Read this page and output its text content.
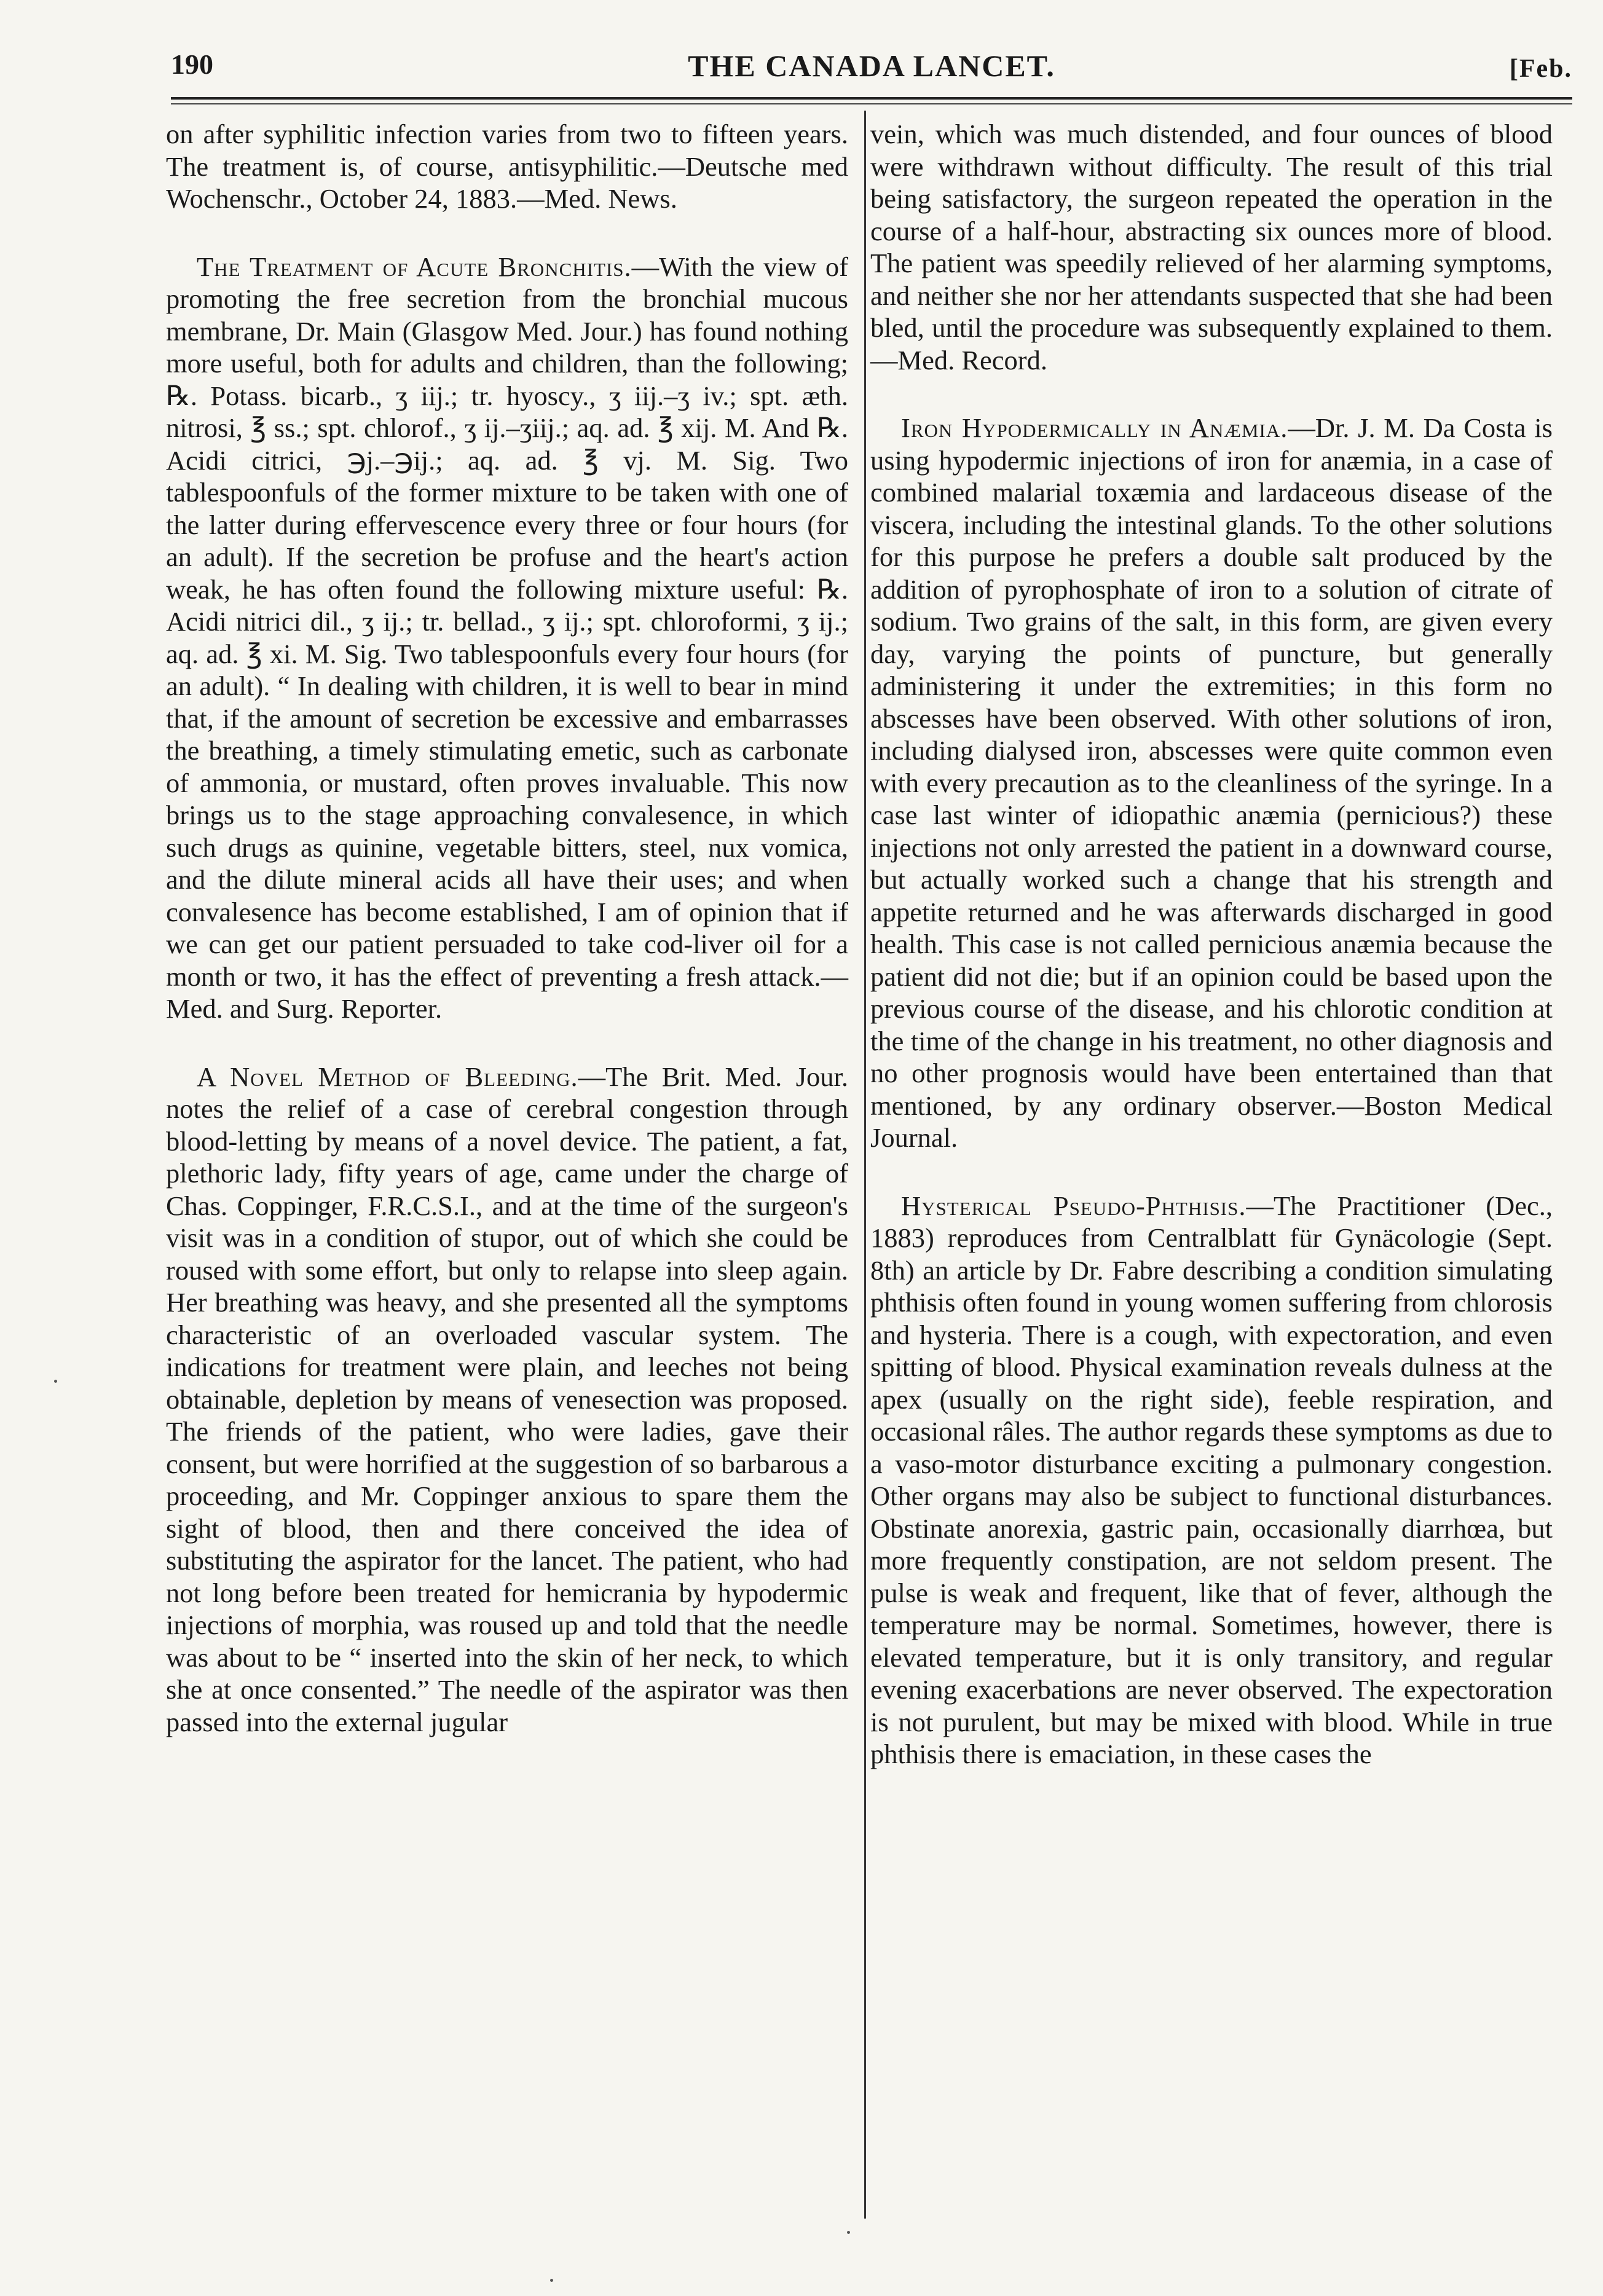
190	THE CANADA LANCET.	[Feb.

on after syphilitic infection varies from two to fifteen years. The treatment is, of course, antisyphilitic.—Deutsche med Wochenschr., October 24, 1883.—Med. News.

The Treatment of Acute Bronchitis.—With the view of promoting the free secretion from the bronchial mucous membrane, Dr. Main (Glasgow Med. Jour.) has found nothing more useful, both for adults and children, than the following; ℞. Potass. bicarb., ʒ iij.; tr. hyoscy., ʒ iij.–ʒ iv.; spt. æth. nitrosi, ℥ ss.; spt. chlorof., ʒ ij.–ʒiij.; aq. ad. ℥ xij. M. And ℞. Acidi citrici, ℈j.–℈ij.; aq. ad. ℥ vj. M. Sig. Two tablespoonfuls of the former mixture to be taken with one of the latter during effervescence every three or four hours (for an adult). If the secretion be profuse and the heart's action weak, he has often found the following mixture useful: ℞. Acidi nitrici dil., ʒ ij.; tr. bellad., ʒ ij.; spt. chloroformi, ʒ ij.; aq. ad. ℥ xi. M. Sig. Two tablespoonfuls every four hours (for an adult). “ In dealing with children, it is well to bear in mind that, if the amount of secretion be excessive and embarrasses the breathing, a timely stimulating emetic, such as carbonate of ammonia, or mustard, often proves invaluable. This now brings us to the stage approaching convalesence, in which such drugs as quinine, vegetable bitters, steel, nux vomica, and the dilute mineral acids all have their uses; and when convalesence has become established, I am of opinion that if we can get our patient persuaded to take cod-liver oil for a month or two, it has the effect of preventing a fresh attack.—Med. and Surg. Reporter.

A Novel Method of Bleeding.—The Brit. Med. Jour. notes the relief of a case of cerebral congestion through blood-letting by means of a novel device. The patient, a fat, plethoric lady, fifty years of age, came under the charge of Chas. Coppinger, F.R.C.S.I., and at the time of the surgeon's visit was in a condition of stupor, out of which she could be roused with some effort, but only to relapse into sleep again. Her breathing was heavy, and she presented all the symptoms characteristic of an overloaded vascular system. The indications for treatment were plain, and leeches not being obtainable, depletion by means of venesection was proposed. The friends of the patient, who were ladies, gave their consent, but were horrified at the suggestion of so barbarous a proceeding, and Mr. Coppinger anxious to spare them the sight of blood, then and there conceived the idea of substituting the aspirator for the lancet. The patient, who had not long before been treated for hemicrania by hypodermic injections of morphia, was roused up and told that the needle was about to be “ inserted into the skin of her neck, to which she at once consented.” The needle of the aspirator was then passed into the external jugular

vein, which was much distended, and four ounces of blood were withdrawn without difficulty. The result of this trial being satisfactory, the surgeon repeated the operation in the course of a half-hour, abstracting six ounces more of blood. The patient was speedily relieved of her alarming symptoms, and neither she nor her attendants suspected that she had been bled, until the procedure was subsequently explained to them.—Med. Record.

Iron Hypodermically in Anæmia.—Dr. J. M. Da Costa is using hypodermic injections of iron for anæmia, in a case of combined malarial toxæmia and lardaceous disease of the viscera, including the intestinal glands. To the other solutions for this purpose he prefers a double salt produced by the addition of pyrophosphate of iron to a solution of citrate of sodium. Two grains of the salt, in this form, are given every day, varying the points of puncture, but generally administering it under the extremities; in this form no abscesses have been observed. With other solutions of iron, including dialysed iron, abscesses were quite common even with every precaution as to the cleanliness of the syringe. In a case last winter of idiopathic anæmia (pernicious?) these injections not only arrested the patient in a downward course, but actually worked such a change that his strength and appetite returned and he was afterwards discharged in good health. This case is not called pernicious anæmia because the patient did not die; but if an opinion could be based upon the previous course of the disease, and his chlorotic condition at the time of the change in his treatment, no other diagnosis and no other prognosis would have been entertained than that mentioned, by any ordinary observer.—Boston Medical Journal.

Hysterical Pseudo-Phthisis.—The Practitioner (Dec., 1883) reproduces from Centralblatt für Gynäcologie (Sept. 8th) an article by Dr. Fabre describing a condition simulating phthisis often found in young women suffering from chlorosis and hysteria. There is a cough, with expectoration, and even spitting of blood. Physical examination reveals dulness at the apex (usually on the right side), feeble respiration, and occasional râles. The author regards these symptoms as due to a vaso-motor disturbance exciting a pulmonary congestion. Other organs may also be subject to functional disturbances. Obstinate anorexia, gastric pain, occasionally diarrhœa, but more frequently constipation, are not seldom present. The pulse is weak and frequent, like that of fever, although the temperature may be normal. Sometimes, however, there is elevated temperature, but it is only transitory, and regular evening exacerbations are never observed. The expectoration is not purulent, but may be mixed with blood. While in true phthisis there is emaciation, in these cases the
